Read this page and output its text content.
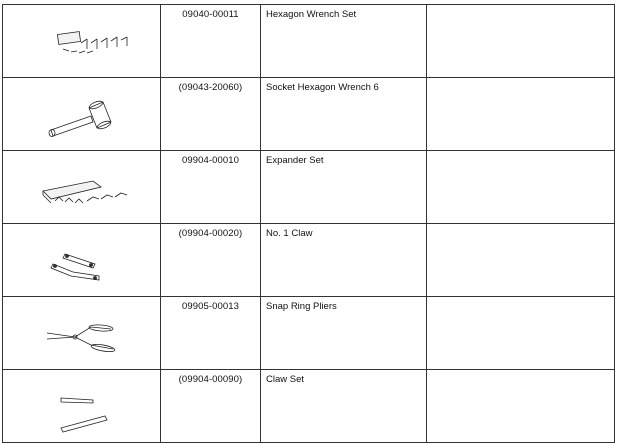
	09040-00011	Hexagon Wrench Set	

	(09043-20060)	Socket Hexagon Wrench 6	

	09904-00010	Expander Set	

	(09904-00020)	No. 1 Claw	

	09905-00013	Snap Ring Pliers	

	(09904-00090)	Claw Set	
